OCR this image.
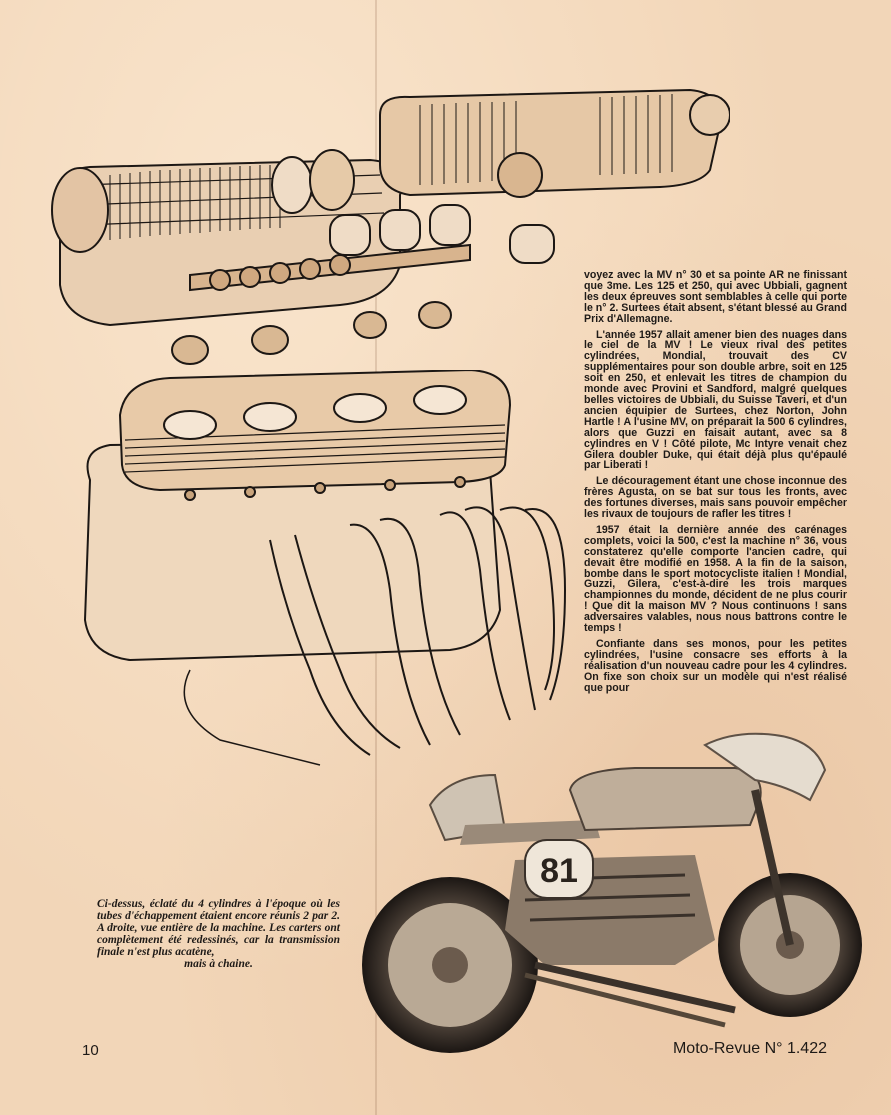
81

voyez avec la MV n° 30 et sa pointe AR ne finissant que 3me. Les 125 et 250, qui avec Ubbiali, gagnent les deux épreuves sont semblables à celle qui porte le n° 2. Surtees était absent, s'étant blessé au Grand Prix d'Allemagne.

L'année 1957 allait amener bien des nuages dans le ciel de la MV ! Le vieux rival des petites cylindrées, Mondial, trouvait des CV supplémentaires pour son double arbre, soit en 125 soit en 250, et enlevait les titres de champion du monde avec Provini et Sandford, malgré quelques belles victoires de Ubbiali, du Suisse Taveri, et d'un ancien équipier de Surtees, chez Norton, John Hartle ! A l'usine MV, on préparait la 500 6 cylindres, alors que Guzzi en faisait autant, avec sa 8 cylindres en V ! Côté pilote, Mc Intyre venait chez Gilera doubler Duke, qui était déjà plus qu'épaulé par Liberati !

Le découragement étant une chose inconnue des frères Agusta, on se bat sur tous les fronts, avec des fortunes diverses, mais sans pouvoir empêcher les rivaux de toujours de rafler les titres !

1957 était la dernière année des carénages complets, voici la 500, c'est la machine n° 36, vous constaterez qu'elle comporte l'ancien cadre, qui devait être modifié en 1958. A la fin de la saison, bombe dans le sport motocycliste italien ! Mondial, Guzzi, Gilera, c'est-à-dire les trois marques championnes du monde, décident de ne plus courir ! Que dit la maison MV ? Nous continuons ! sans adversaires valables, nous nous battrons contre le temps !

Confiante dans ses monos, pour les petites cylindrées, l'usine consacre ses efforts à la réalisation d'un nouveau cadre pour les 4 cylindres. On fixe son choix sur un modèle qui n'est réalisé que pour

Ci-dessus, éclaté du 4 cylindres à l'époque où les tubes d'échappement étaient encore réunis 2 par 2. A droite, vue entière de la machine. Les carters ont complètement été redessinés, car la transmission finale n'est plus acatène,
mais à chaine.
10	Moto-Revue N° 1.422
